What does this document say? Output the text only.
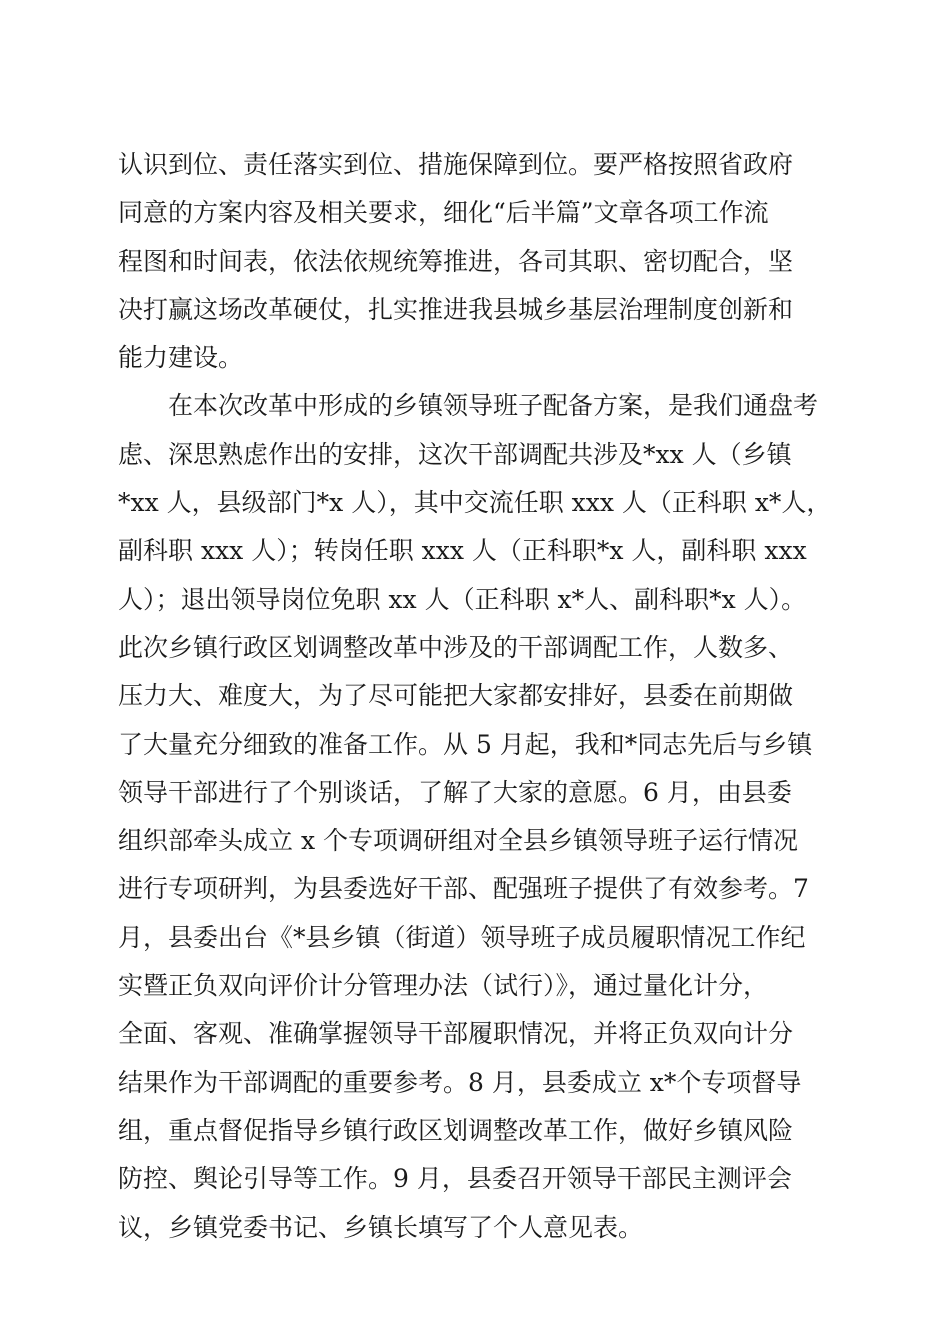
认识到位、责任落实到位、措施保障到位。要严格按照省政府
同意的方案内容及相关要求，细化“后半篇”文章各项工作流
程图和时间表，依法依规统筹推进，各司其职、密切配合，坚
决打赢这场改革硬仗，扎实推进我县城乡基层治理制度创新和
能力建设。
　　在本次改革中形成的乡镇领导班子配备方案，是我们通盘考
虑、深思熟虑作出的安排，这次干部调配共涉及*xx 人（乡镇
*xx 人，县级部门*x 人），其中交流任职 xxx 人（正科职 x*人，
副科职 xxx 人）；转岗任职 xxx 人（正科职*x 人，副科职 xxx
人）；退出领导岗位免职 xx 人（正科职 x*人、副科职*x 人）。
此次乡镇行政区划调整改革中涉及的干部调配工作，人数多、
压力大、难度大，为了尽可能把大家都安排好，县委在前期做
了大量充分细致的准备工作。从 5 月起，我和*同志先后与乡镇
领导干部进行了个别谈话，了解了大家的意愿。6 月，由县委
组织部牵头成立 x 个专项调研组对全县乡镇领导班子运行情况
进行专项研判，为县委选好干部、配强班子提供了有效参考。7
月，县委出台《*县乡镇（街道）领导班子成员履职情况工作纪
实暨正负双向评价计分管理办法（试行）》，通过量化计分，
全面、客观、准确掌握领导干部履职情况，并将正负双向计分
结果作为干部调配的重要参考。8 月，县委成立 x*个专项督导
组，重点督促指导乡镇行政区划调整改革工作，做好乡镇风险
防控、舆论引导等工作。9 月，县委召开领导干部民主测评会
议，乡镇党委书记、乡镇长填写了个人意见表。
